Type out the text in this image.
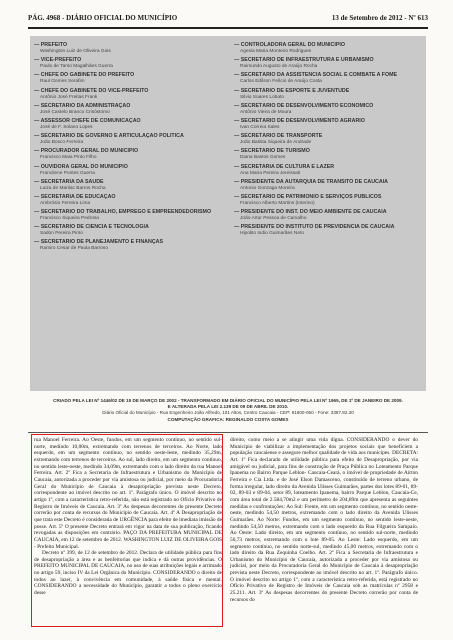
PÁG. 4968 - DIÁRIO OFICIAL DO MUNICÍPIO	13 de Setembro de 2012 - Nº 613
— PREFEITO
Washington Luiz de Oliveira Gois
— VICE-PREFEITO
Paulo de Tarso Magalhães Guerra
— CHEFE DO GABINETE DO PREFEITO
Raul Gomes Serafim
— CHEFE DO GABINETE DO VICE-PREFEITO
Antônio José Freitas Frank
— SECRETARIO DA ADMINISTRAÇÃO
José Castelo Branco Crisóstomo
— ASSESSOR CHEFE DE COMUNICAÇÃO
José de F. Solano Lopes
— SECRETARIO DE GOVERNO E ARTICULAÇÃO POLÍTICA
João Bosco Ferreira
— PROCURADOR GERAL DO MUNICÍPIO
Francisco Maia Pinto Filho
— OUVIDORA GERAL DO MUNICÍPIO
Francilene Pontes Guerra
— SECRETARIA DA SAÚDE
Luiza de Marilac Barros Rocha
— SECRETARIA DE EDUCAÇÃO
Ambrósio Ferreira Lima
— SECRETARIO DO TRABALHO, EMPREGO E EMPREENDEDORISMO
Francisco Siqueira Pedrosa
— SECRETARIO DE CIÊNCIA E TECNOLOGIA
Sadon Pereira Pinto
— SECRETARIO DE PLANEJAMENTO E FINANÇAS
Ramiro Cesar de Paula Barroso
— CONTROLADORA GERAL DO MUNICÍPIO
Agesia Maria Monteiro Rodrigues
— SECRETÁRIO DE INFRAESTRUTURA E URBANISMO
Raimundo Augusto de Araújo Rocha
— SECRETÁRIO DA ASSISTÊNCIA SOCIAL E COMBATE A FOME
Carlos Edilson Felício de Araújo Costa
— SECRETARIO DE ESPORTE E JUVENTUDE
Silvio Soares Lobato
— SECRETÁRIO DE DESENVOLVIMENTO ECONÔMICO
Antônio Vieira de Moura
— SECRETÁRIO DE DESENVOLVIMENTO AGRÁRIO
Ivan Correia Sales
— SECRETÁRIO DE TRANSPORTE
João Batista Siqueira de Andrade
— SECRETARIO DE TURISMO
Diana Bastos Gomes
— SECRETARIA DE CULTURA E LAZER
Ana Maria Pereira Jereissati
— PRESIDENTE DA AUTARQUIA DE TRÂNSITO DE CAUCAIA
Antonio Gonzaga Moreira
— SECRETÁRIO DE PATRIMÔNIO E SERVIÇOS PÚBLICOS
Francisco Alberto Martins (Interino)
— PRESIDENTE DO INST. DO MEIO AMBIENTE DE CAUCAIA
João Artur Pessoa de Carvalho
— PRESIDENTE DO INSTITUTO DE PREVIDÊNCIA DE CAUCAIA
Hipolito Indio Guimarães Neto
CRIADO PELA LEI Nº 1446/02 DE 15 DE MARÇO DE 2002 - TRANSFORMADO EM DIÁRIO OFICIAL DO MUNICÍPIO PELA LEI Nº 1965, DE 1º DE JANEIRO DE 2009.
E ALTERADA PELA LEI 2.139 DE 09 DE ABRIL DE 2010.
Diário Oficial do Município - Rua Engenheiro João Alfredo, 101 Altos, Centro Caucaia - CEP: 61600-050 - Fone: 3387.82.30
COMPUTAÇÃO GRAFICA: REGINALDO COSTA GOMES

rua Manoel Ferreira. Ao Oeste, fundos, em um segmento contínuo, no sentido sul-norte, medindo 10,00m, extremando com terrenos de terceiros. Ao Norte, lado esquerdo, em um segmento contínuo, no sentido oeste-leste, medindo 35,29m, extremando com terrenos de terceiros. Ao sul, lado direito, em um segmento contínuo, no sentido leste-oeste, medindo 34,09m, extremando com o lado direito da rua Manoel Ferreira. Art. 2º Fica a Secretaria de Infraestrutura e Urbanismo do Município de Caucaia, autorizada a proceder por via amistosa ou judicial, por meio da Procuradoria Geral do Município de Caucaia à desapropriação prevista neste Decreto, correspondente ao imóvel descrito no art. 1º. Parágrafo único. O imóvel descrito no artigo 1º, com a característica retro-referida, não está registrado no Ofício Privativo de Registro de Imóveis de Caucaia. Art. 3º As despesas decorrentes do presente Decreto correrão por conta de recursos do Município de Caucaia. Art. 4º A Desapropriação de que trata este Decreto é considerada de URGÊNCIA para efeito de imediata imissão de posse. Art. 5º O presente Decreto entrará em vigor na data de sua publicação, ficando revogadas as disposições em contrário. PAÇO DA PREFEITURA MUNICIPAL DE CAUCAIA, em 12 de setembro de 2012. WASHINGTON LUIZ DE OLIVEIRA GOIS - Prefeito Municipal.

Decreto nº 399, de 12 de setembro de 2012. Declara de utilidade pública para fins de desapropriação a área e as benfeitorias que indica e dá outras providências. O PREFEITO MUNICIPAL DE CAUCAIA, no uso de suas atribuições legais e arrimado no artigo 59, inciso IV da Lei Orgânica do Município. CONSIDERANDO o direito de todos ao lazer, à convivência em comunidade, à saúde física e mental. CONSIDERANDO a necessidade do Município, garantir a todos o pleno exercício desse

direito, como meio a se atingir uma vida digna. CONSIDERANDO o dever do Município de viabilizar a implementação dos projetos sociais que beneficiem a população caucaiense e assegure melhor qualidade de vida aos munícipes. DECRETA: Art. 1º Fica declarado de utilidade pública para efeito de Desapropriação, por via amigável ou judicial, para fins de construção de Praça Pública no Loteamento Parque Ipanema no Bairro Parque Leblon- Caucaia-Ceará, o imóvel de propriedade de Airton Ferreira e Cia Ltda. e de José Elson Damasceno, constituído de terreno urbano, de forma irregular, lado direito da Avenida Ulisses Guimarães, partes dos lotes 89-01, 89-02, 89-03 e 89-04, setor 89, loteamento Ipanema, bairro Parque Leblon, Caucaia-Ce, com área total de 2.584,70m2 e um perímetro de 204,89m que apresenta as seguintes medidas e confrontações: Ao Sul: Frente, em um segmento contínuo, no sentido oeste-oeste, medindo 54,50 metros, extremando com o lado direito da Avenida Ulisses Guimarães. Ao Norte: Fundos, em um segmento contínuo, no sentido leste-oeste, medindo 54,50 metros, extremando com o lado esquerdo da Rua Filgueira Sampaio. Ao Oeste: Lado direito, em um segmento contínuo, no sentido sul-norte, medindo 50,73 metros, extremando com o lote 89-05. Ao Leste: Lado esquerdo, em um segmento contínuo, no sentido norte-sul, medindo 45,00 metros, extremando com o lado direito da Rua Zequinha Coelho. Art. 2º Fica a Secretaria de Infraestrutura e Urbanismo do Município de Caucaia, autorizada a proceder por via amistosa ou judicial, por meio da Procuradoria Geral do Município de Caucaia à desapropriação prevista neste Decreto, correspondente ao imóvel descrito no art. 1º. Parágrafo único. O imóvel descrito no artigo 1º, com a característica retro-referida, está registrado no Ofício Privativo de Registro de Imóveis de Caucaia sob as matrículas nº 2958 e 25.211. Art. 3º As despesas decorrentes do presente Decreto correrão por conta de recursos do
